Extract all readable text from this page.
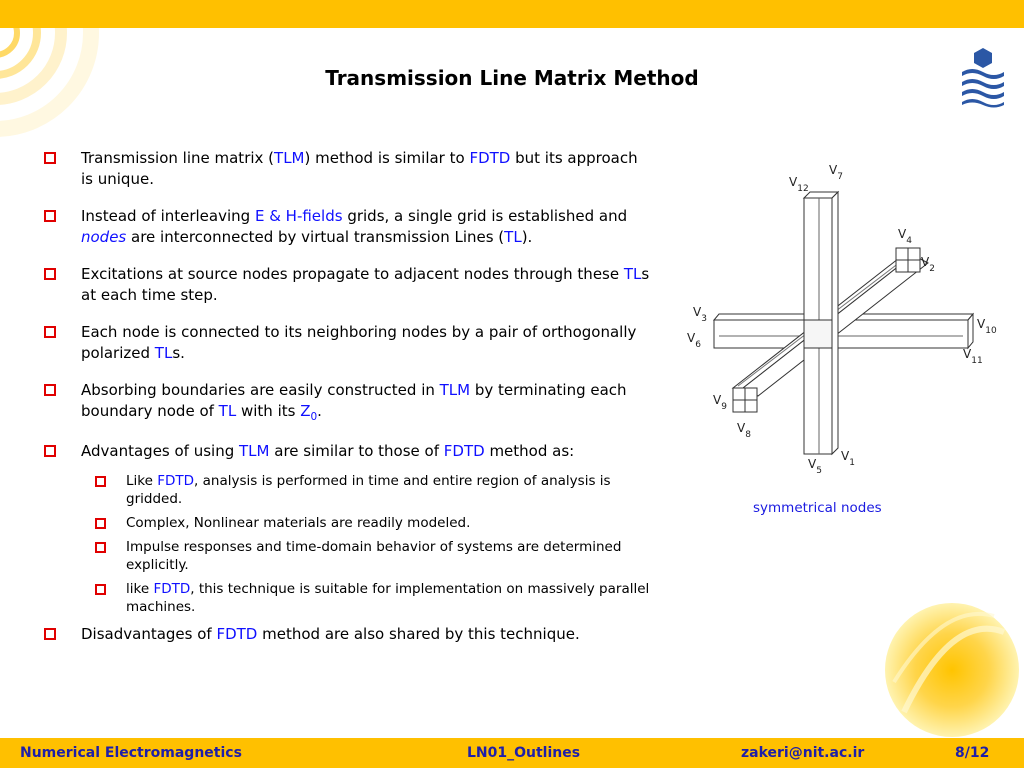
Transmission Line Matrix Method
Transmission line matrix (TLM) method is similar to FDTD but its approach is unique.
Instead of interleaving E & H-fields grids, a single grid is established and nodes are interconnected by virtual transmission Lines (TL).
Excitations at source nodes propagate to adjacent nodes through these TLs at each time step.
Each node is connected to its neighboring nodes by a pair of orthogonally polarized TLs.
Absorbing boundaries are easily constructed in TLM by terminating each boundary node of TL with its $Z_0$.
Advantages of using TLM are similar to those of FDTD method as:
Like FDTD, analysis is performed in time and entire region of analysis is gridded.
Complex, Nonlinear materials are readily modeled.
Impulse responses and time-domain behavior of systems are determined explicitly.
like FDTD, this technique is suitable for implementation on massively parallel machines.
Disadvantages of FDTD method are also shared by this technique.
$V_1$
$V_2$
$V_3$
$V_4$
$V_5$
$V_6$
$V_7$
$V_8$
$V_9$
$V_{10}$
$V_{11}$
$V_{12}$
symmetrical nodes
Numerical Electromagnetics	LN01_Outlines	zakeri@nit.ac.ir	8/12
